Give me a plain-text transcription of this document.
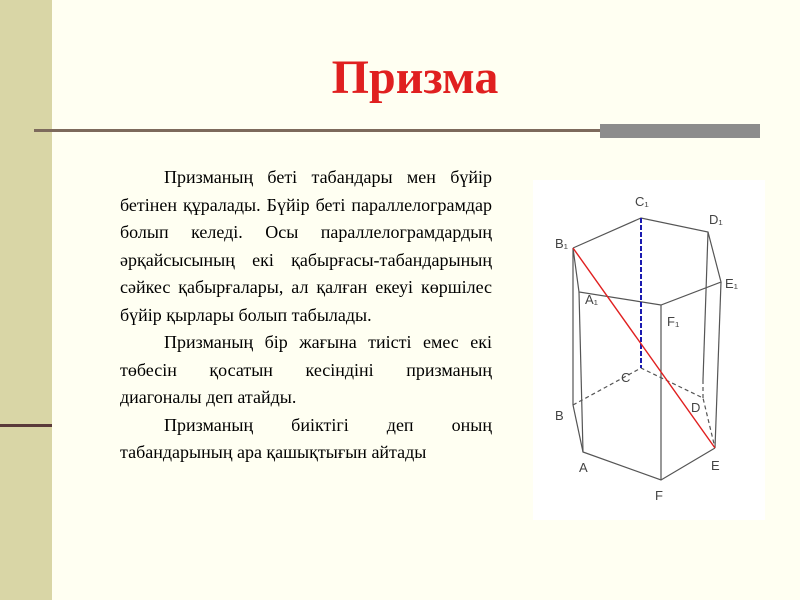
Призма

Призманың беті табандары мен бүйір бетінен құралады. Бүйір беті параллелограмдар болып келеді. Осы параллелограмдардың әрқайсысының екі қабырғасы-табандарының сәйкес қабырғалары, ал қалған екеуі көршілес бүйір қырлары болып табылады.

Призманың бір жағына тиістi емес екi төбесiн қосатын кесiндiнi призманың диагоналы деп атайды.

Призманың биiктiгi деп оның табандарының ара қашықтығын айтады

C₁
D₁
B₁
E₁
A₁
F₁
C
B
D
A	E
F
